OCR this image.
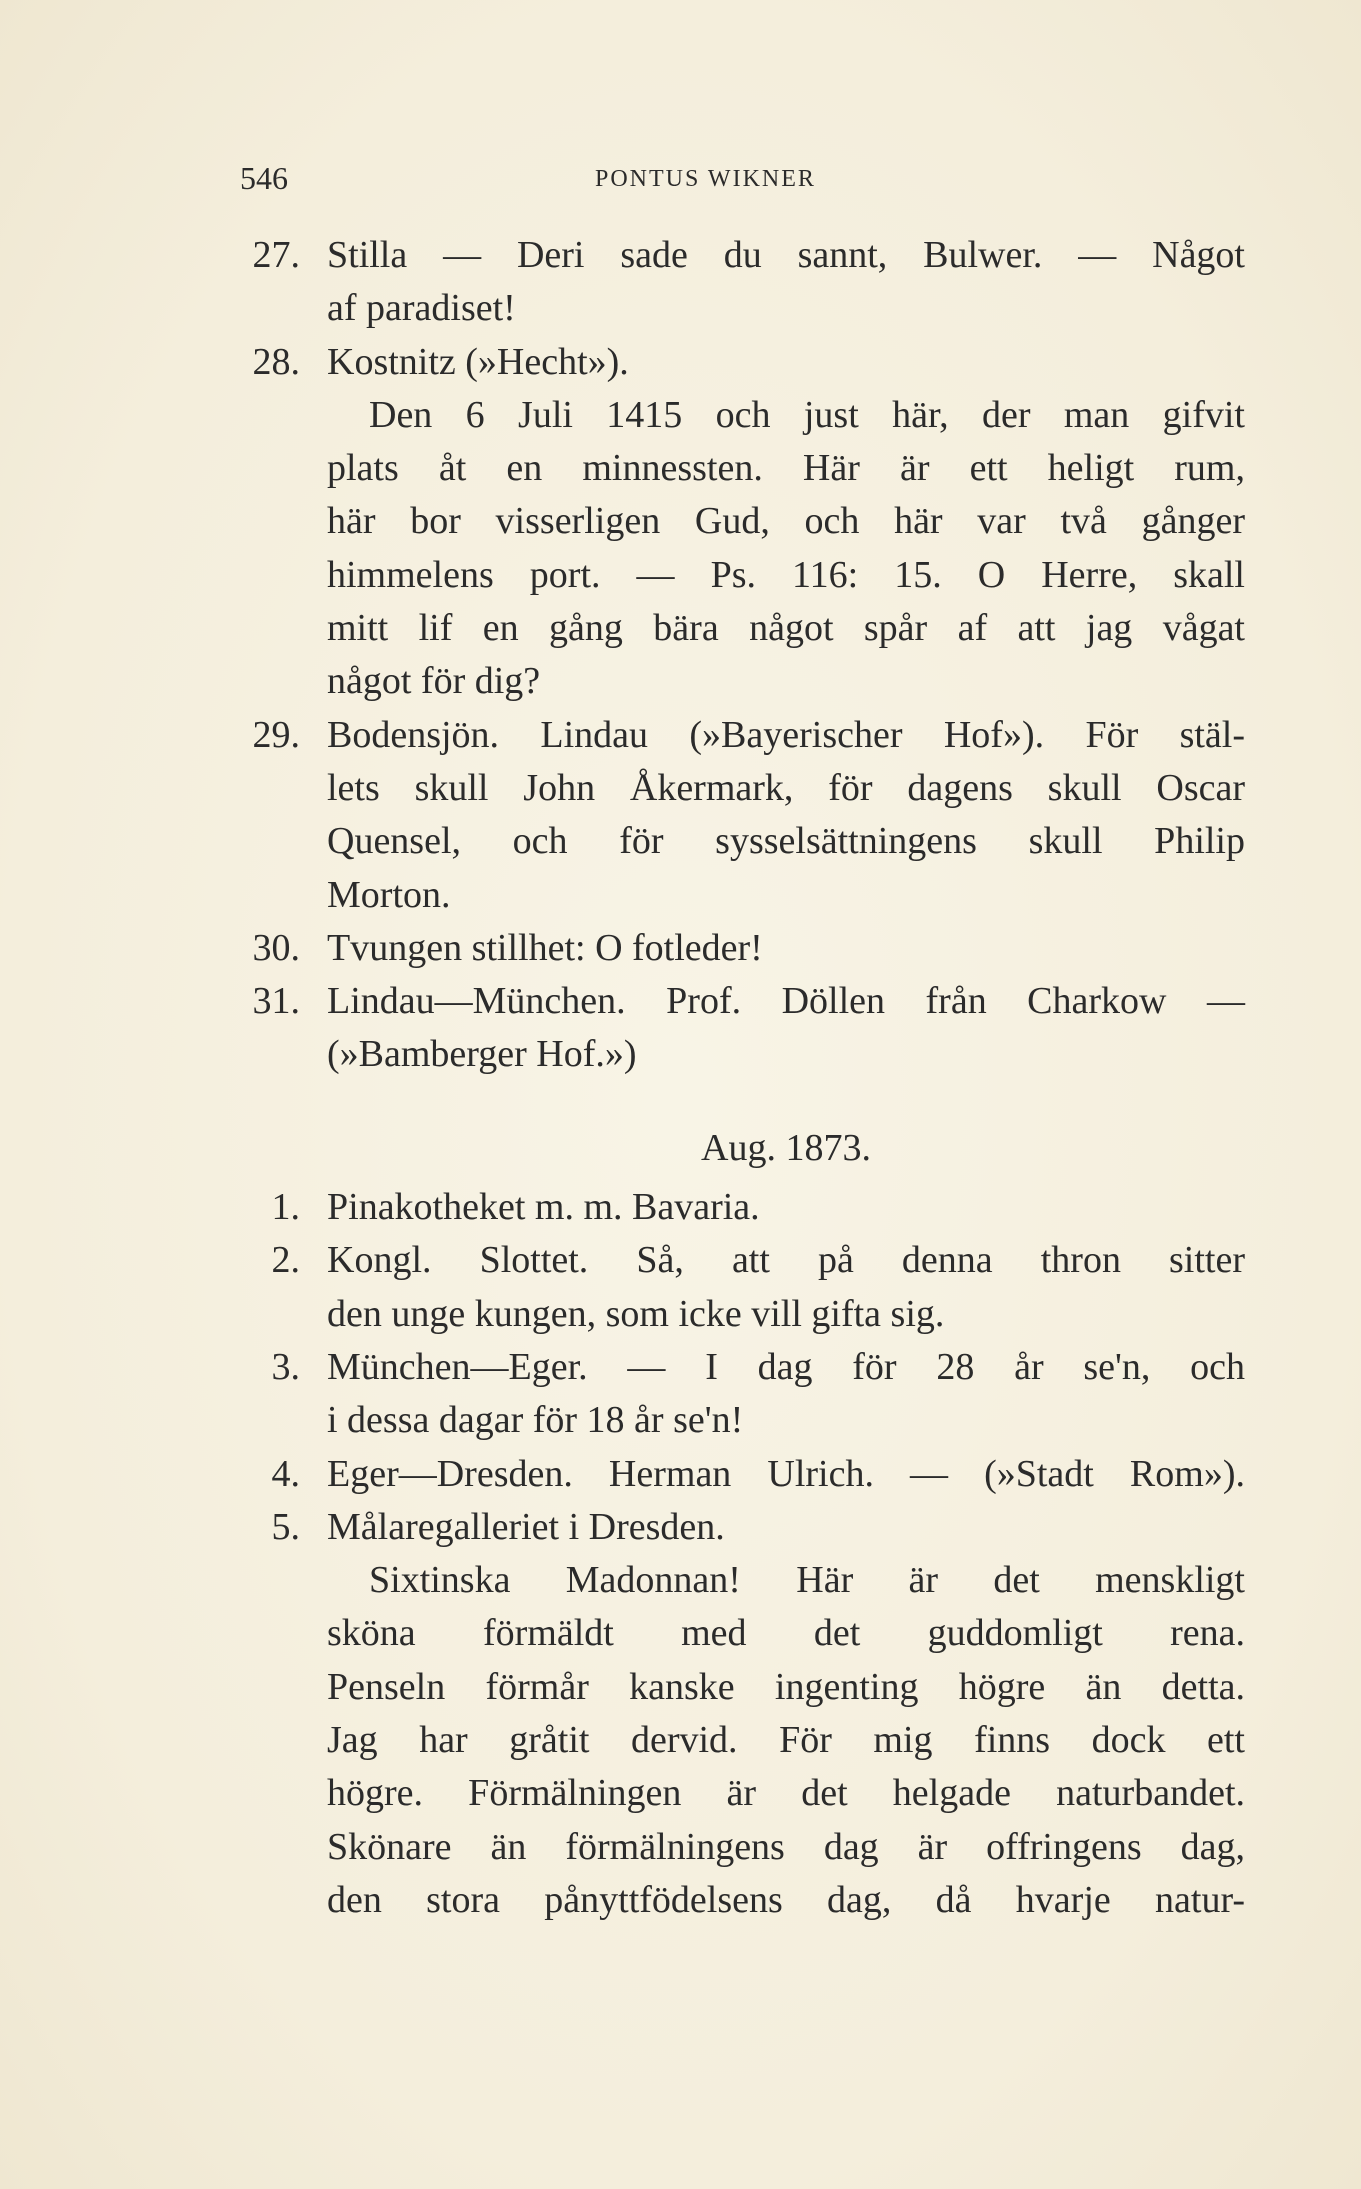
546	PONTUS WIKNER
27. Stilla — Deri sade du sannt, Bulwer. — Något
af paradiset!
28. Kostnitz (»Hecht»).
Den 6 Juli 1415 och just här, der man gifvit
plats åt en minnessten. Här är ett heligt rum,
här bor visserligen Gud, och här var två gånger
himmelens port. — Ps. 116: 15. O Herre, skall
mitt lif en gång bära något spår af att jag vågat
något för dig?
29. Bodensjön. Lindau (»Bayerischer Hof»). För stäl-
lets skull John Åkermark, för dagens skull Oscar
Quensel, och för sysselsättningens skull Philip
Morton.
30. Tvungen stillhet: O fotleder!
31. Lindau—München. Prof. Döllen från Charkow —
(»Bamberger Hof.»)
Aug. 1873.
1. Pinakotheket m. m. Bavaria.
2. Kongl. Slottet. Så, att på denna thron sitter
den unge kungen, som icke vill gifta sig.
3. München—Eger. — I dag för 28 år se'n, och
i dessa dagar för 18 år se'n!
4. Eger—Dresden. Herman Ulrich. — (»Stadt Rom»).
5. Målaregalleriet i Dresden.
Sixtinska Madonnan! Här är det menskligt
sköna förmäldt med det guddomligt rena.
Penseln förmår kanske ingenting högre än detta.
Jag har gråtit dervid. För mig finns dock ett
högre. Förmälningen är det helgade naturbandet.
Skönare än förmälningens dag är offringens dag,
den stora pånyttfödelsens dag, då hvarje natur-
